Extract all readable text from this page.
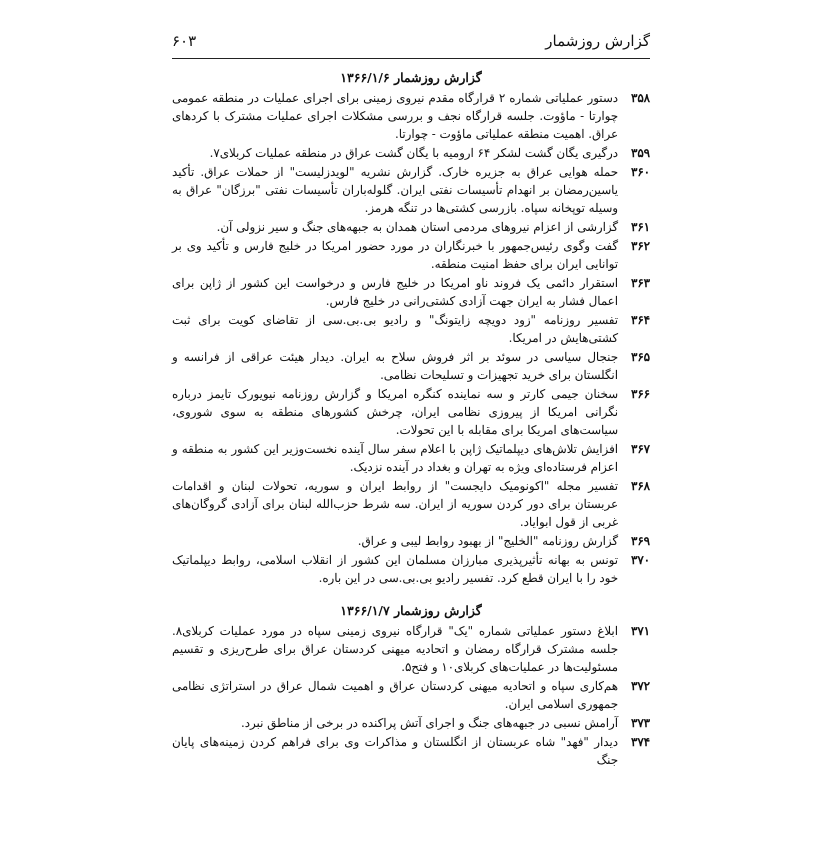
گزارش روزشمار
۶۰۳
گزارش روزشمار ۱۳۶۶/۱/۶
۳۵۸
دستور عملیاتی شماره ۲ قرارگاه مقدم نیروی زمینی برای اجرای عملیات در منطقه عمومی چوارتا - ماؤوت. جلسه قرارگاه نجف و بررسی مشکلات اجرای عملیات مشترک با کردهای عراق. اهمیت منطقه عملیاتی ماؤوت - چوارتا.
۳۵۹
درگیری یگان گشت لشکر ۶۴ ارومیه با یگان گشت عراق در منطقه عملیات کربلای۷.
۳۶۰
حمله هوایی عراق به جزیره خارک. گزارش نشریه "لویدزلیست" از حملات عراق. تأکید یاسین‌رمضان بر انهدام تأسیسات نفتی ایران. گلوله‌باران تأسیسات نفتی "برزگان" عراق به وسیله توپخانه سپاه. بازرسی کشتی‌ها در تنگه هرمز.
۳۶۱
گزارشی از اعزام نیروهای مردمی استان همدان به جبهه‌های جنگ و سیر نزولی آن.
۳۶۲
گفت وگوی رئیس‌جمهور با خبرنگاران در مورد حضور امریکا در خلیج فارس و تأکید وی بر توانایی ایران برای حفظ امنیت منطقه.
۳۶۳
استقرار دائمی یک فروند ناو امریکا در خلیج فارس و درخواست این کشور از ژاپن برای اعمال فشار به ایران جهت آزادی کشتی‌رانی در خلیج فارس.
۳۶۴
تفسیر روزنامه "زود دویچه زایتونگ" و رادیو بی.بی.سی از تقاضای کویت برای ثبت کشتی‌هایش در امریکا.
۳۶۵
جنجال سیاسی در سوئد بر اثر فروش سلاح به ایران. دیدار هیئت عراقی از فرانسه و انگلستان برای خرید تجهیزات و تسلیحات نظامی.
۳۶۶
سخنان جیمی کارتر و سه نماینده کنگره امریکا و گزارش روزنامه نیویورک تایمز درباره نگرانی امریکا از پیروزی نظامی ایران، چرخش کشورهای منطقه به سوی شوروی، سیاست‌های امریکا برای مقابله با این تحولات.
۳۶۷
افزایش تلاش‌های دیپلماتیک ژاپن با اعلام سفر سال آینده نخست‌وزیر این کشور به منطقه و اعزام فرستاده‌ای ویژه به تهران و بغداد در آینده نزدیک.
۳۶۸
تفسیر مجله "اکونومیک دایجست" از روابط ایران و سوریه، تحولات لبنان و اقدامات عربستان برای دور کردن سوریه از ایران. سه شرط حزب‌الله لبنان برای آزادی گروگان‌های غربی از قول ابوایاد.
۳۶۹
گزارش روزنامه "الخلیج" از بهبود روابط لیبی و عراق.
۳۷۰
تونس به بهانه تأثیرپذیری مبارزان مسلمان این کشور از انقلاب اسلامی، روابط دیپلماتیک خود را با ایران قطع کرد. تفسیر رادیو بی.بی.سی در این باره.
گزارش روزشمار ۱۳۶۶/۱/۷
۳۷۱
ابلاغ دستور عملیاتی شماره "یک" قرارگاه نیروی زمینی سپاه در مورد عملیات کربلای۸. جلسه مشترک قرارگاه رمضان و اتحادیه میهنی کردستان عراق برای طرح‌ریزی و تقسیم مسئولیت‌ها در عملیات‌های کربلای۱۰ و فتح۵.
۳۷۲
هم‌کاری سپاه و اتحادیه میهنی کردستان عراق و اهمیت شمال عراق در استراتژی نظامی جمهوری اسلامی ایران.
۳۷۳
آرامش نسبی در جبهه‌های جنگ و اجرای آتش پراکنده در برخی از مناطق نبرد.
۳۷۴
دیدار "فهد" شاه عربستان از انگلستان و مذاکرات وی برای فراهم کردن زمینه‌های پایان جنگ
